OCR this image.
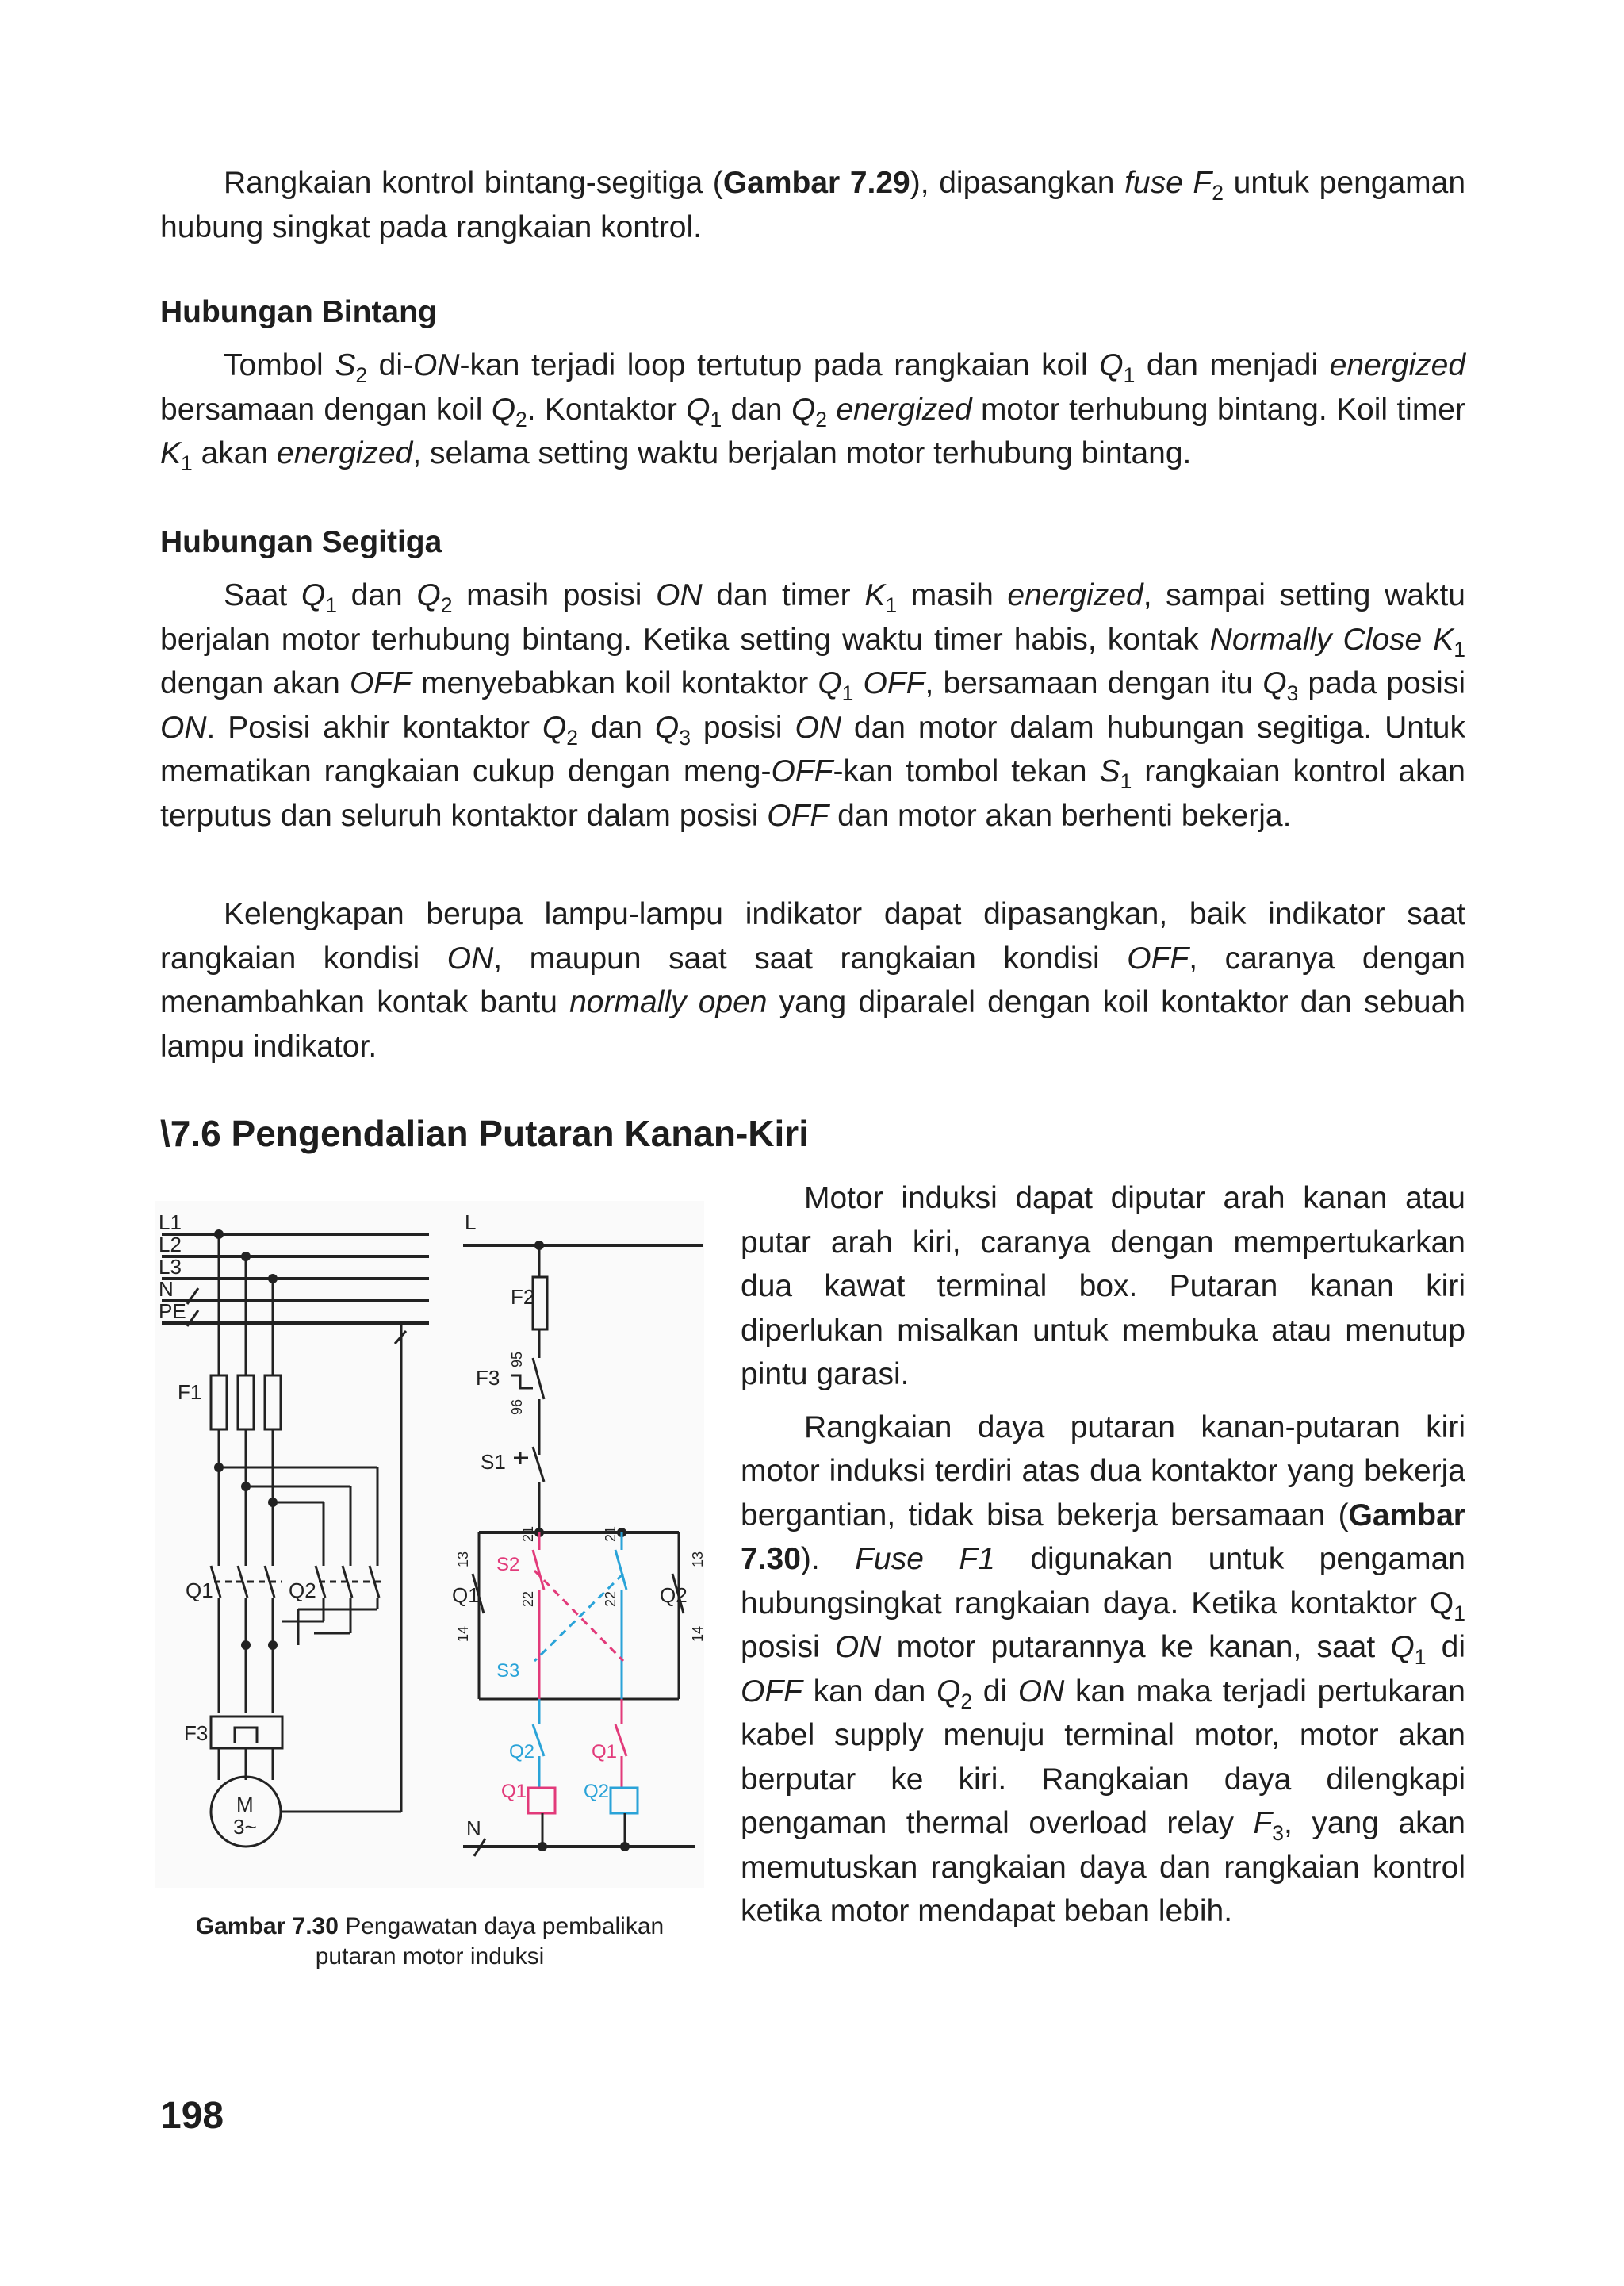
Rangkaian kontrol bintang-segitiga (Gambar 7.29), dipasangkan fuse $F_2$ untuk pengaman hubung singkat pada rangkaian kontrol.

Hubungan Bintang

Tombol $S_2$ di-ON-kan terjadi loop tertutup pada rangkaian koil $Q_1$ dan menjadi energized bersamaan dengan koil $Q_2$. Kontaktor $Q_1$ dan $Q_2$ energized motor terhubung bintang. Koil timer $K_1$ akan energized, selama setting waktu berjalan motor terhubung bintang.

Hubungan Segitiga

Saat $Q_1$ dan $Q_2$ masih posisi ON dan timer $K_1$ masih energized, sampai setting waktu berjalan motor terhubung bintang. Ketika setting waktu timer habis, kontak Normally Close $K_1$ dengan akan OFF menyebabkan koil kontaktor $Q_1$ OFF, bersamaan dengan itu $Q_3$ pada posisi ON. Posisi akhir kontaktor $Q_2$ dan $Q_3$ posisi ON dan motor dalam hubungan segitiga. Untuk mematikan rangkaian cukup dengan meng-OFF-kan tombol tekan $S_1$ rangkaian kontrol akan terputus dan seluruh kontaktor dalam posisi OFF dan motor akan berhenti bekerja.

Kelengkapan berupa lampu-lampu indikator dapat dipasangkan, baik indikator saat rangkaian kondisi ON, maupun saat saat rangkaian kondisi OFF, caranya dengan menambahkan kontak bantu normally open yang diparalel dengan koil kontaktor dan sebuah lampu indikator.

\7.6 Pengendalian Putaran Kanan-Kiri
L1
L2
L3
N
PE
F1
Q1	Q2
F3
M
3~
L
F2
F3
S1
95
96
Q1	Q2
13
14
13
14
S2
S3
21
22
21
22
Q2	Q1
Q1	Q2
N
Gambar 7.30 Pengawatan daya pembalikan putaran motor induksi

Motor induksi dapat diputar arah kanan atau putar arah kiri, caranya dengan mempertukarkan dua kawat terminal box. Putaran kanan kiri diperlukan misalkan untuk membuka atau menutup pintu garasi.

Rangkaian daya putaran kanan-putaran kiri motor induksi terdiri atas dua kontaktor yang bekerja bergantian, tidak bisa bekerja bersamaan (Gambar 7.30). Fuse F1 digunakan untuk pengaman hubungsingkat rangkaian daya. Ketika kontaktor $Q_1$ posisi ON motor putarannya ke kanan, saat $Q_1$ di OFF kan dan $Q_2$ di ON kan maka terjadi pertukaran kabel supply menuju terminal motor, motor akan berputar ke kiri. Rangkaian daya dilengkapi pengaman thermal overload relay $F_3$, yang akan memutuskan rangkaian daya dan rangkaian kontrol ketika motor mendapat beban lebih.

198
